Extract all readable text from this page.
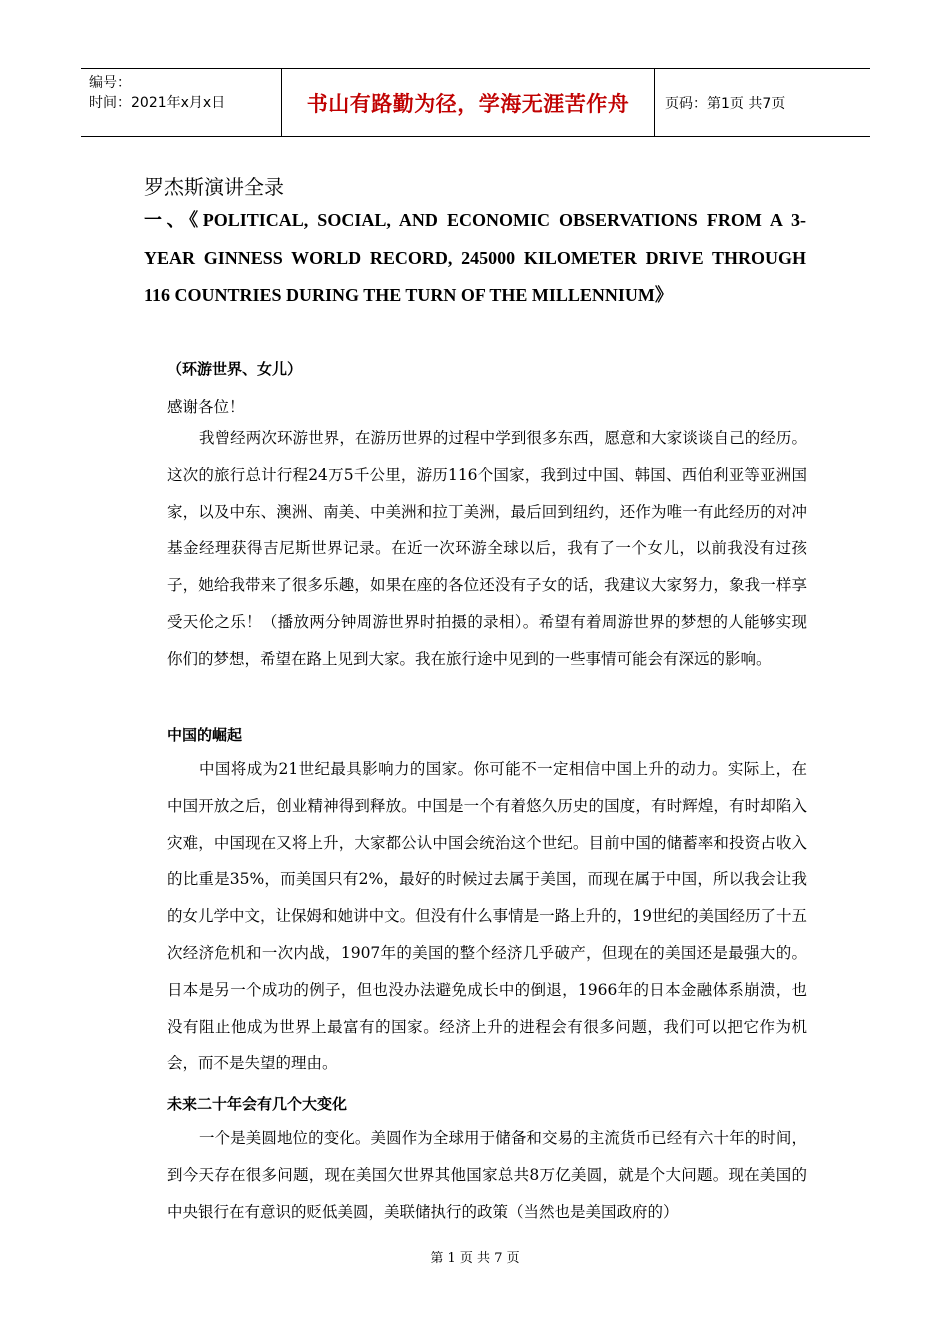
编号：
时间：2021年x月x日	书山有路勤为径，学海无涯苦作舟	页码：第1页 共7页
罗杰斯演讲全录
一、《POLITICAL, SOCIAL, AND ECONOMIC OBSERVATIONS FROM A 3-YEAR GINNESS WORLD RECORD, 245000 KILOMETER DRIVE THROUGH 116 COUNTRIES DURING THE TURN OF THE MILLENNIUM》
（环游世界、女儿）
感谢各位！
我曾经两次环游世界，在游历世界的过程中学到很多东西，愿意和大家谈谈自己的经历。这次的旅行总计行程24万5千公里，游历116个国家，我到过中国、韩国、西伯利亚等亚洲国家，以及中东、澳洲、南美、中美洲和拉丁美洲，最后回到纽约，还作为唯一有此经历的对冲基金经理获得吉尼斯世界记录。在近一次环游全球以后，我有了一个女儿，以前我没有过孩子，她给我带来了很多乐趣，如果在座的各位还没有子女的话，我建议大家努力，象我一样享受天伦之乐！（播放两分钟周游世界时拍摄的录相）。希望有着周游世界的梦想的人能够实现你们的梦想，希望在路上见到大家。我在旅行途中见到的一些事情可能会有深远的影响。
中国的崛起
中国将成为21世纪最具影响力的国家。你可能不一定相信中国上升的动力。实际上，在中国开放之后，创业精神得到释放。中国是一个有着悠久历史的国度，有时辉煌，有时却陷入灾难，中国现在又将上升，大家都公认中国会统治这个世纪。目前中国的储蓄率和投资占收入的比重是35%，而美国只有2%，最好的时候过去属于美国，而现在属于中国，所以我会让我的女儿学中文，让保姆和她讲中文。但没有什么事情是一路上升的，19世纪的美国经历了十五次经济危机和一次内战，1907年的美国的整个经济几乎破产，但现在的美国还是最强大的。日本是另一个成功的例子，但也没办法避免成长中的倒退，1966年的日本金融体系崩溃，也没有阻止他成为世界上最富有的国家。经济上升的进程会有很多问题，我们可以把它作为机会，而不是失望的理由。
未来二十年会有几个大变化
一个是美圆地位的变化。美圆作为全球用于储备和交易的主流货币已经有六十年的时间，到今天存在很多问题，现在美国欠世界其他国家总共8万亿美圆，就是个大问题。现在美国的中央银行在有意识的贬低美圆，美联储执行的政策（当然也是美国政府的）
第 1 页 共 7 页
